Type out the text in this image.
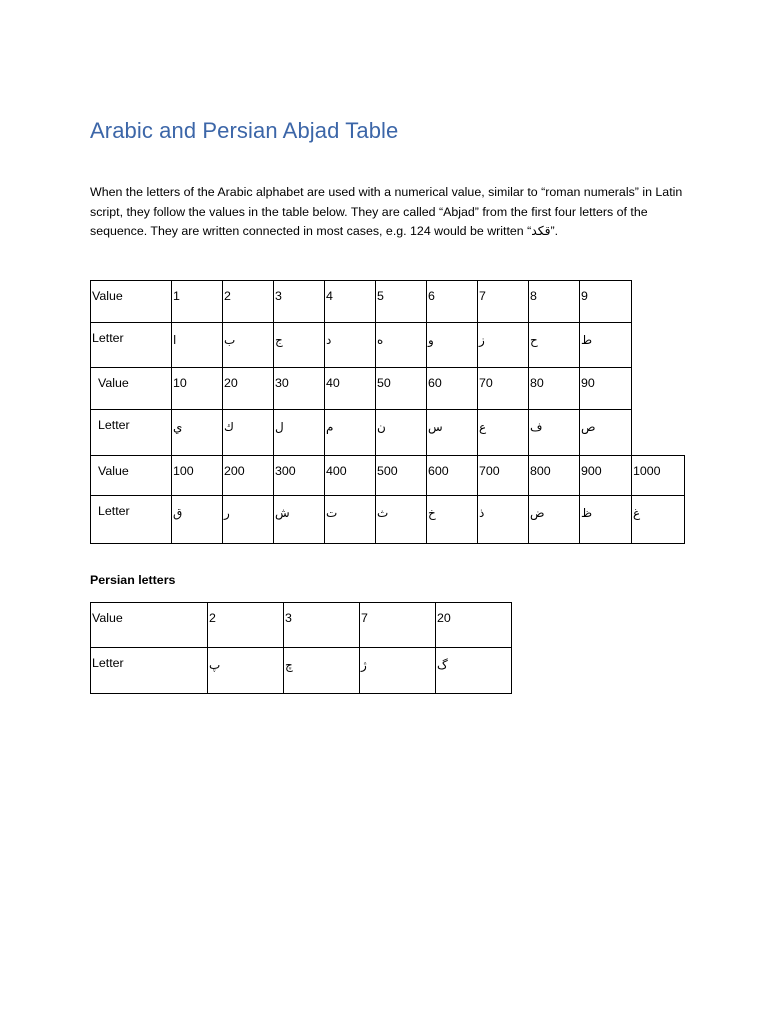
Arabic and Persian Abjad Table

When the letters of the Arabic alphabet are used with a numerical value, similar to “roman numerals” in Latin script, they follow the values in the table below. They are called “Abjad” from the first four letters of the sequence. They are written connected in most cases, e.g. 124 would be written “قكد”.

Value	1	2	3	4	5	6	7	8	9	

Letter	ا	ب	ج	د	ه	و	ز	ح	ط	

Value	10	20	30	40	50	60	70	80	90	

Letter	ي	ك	ل	م	ن	س	ع	ف	ص	

Value	100	200	300	400	500	600	700	800	900	1000

Letter	ق	ر	ش	ت	ث	خ	ذ	ض	ظ	غ

Persian letters

Value	2	3	7	20

Letter	پ	چ	ژ	گ
